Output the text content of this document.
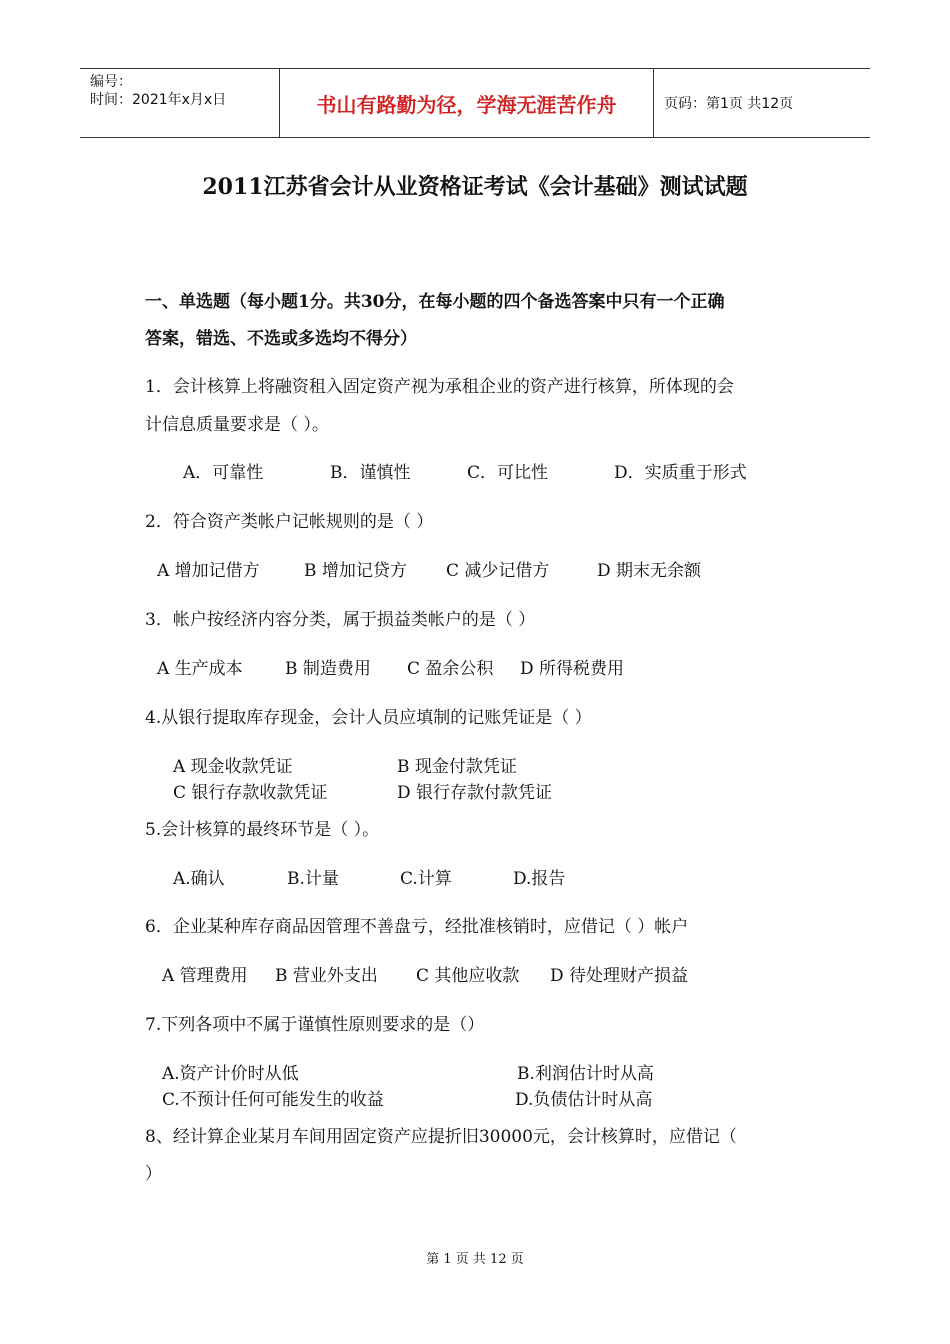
编号：
时间：2021年x月x日	书山有路勤为径，学海无涯苦作舟	页码：第1页 共12页
2011江苏省会计从业资格证考试《会计基础》测试试题
一、单选题（每小题1分。共30分，在每小题的四个备选答案中只有一个正确
答案，错选、不选或多选均不得分）
1．会计核算上将融资租入固定资产视为承租企业的资产进行核算，所体现的会
计信息质量要求是（ ）。
A．可靠性	B．谨慎性	C．可比性	D．实质重于形式
2．符合资产类帐户记帐规则的是（ ）
A 增加记借方	B 增加记贷方 C 减少记借方	D 期末无余额
3．帐户按经济内容分类，属于损益类帐户的是（ ）
A 生产成本 B 制造费用 C 盈余公积 D 所得税费用
4.从银行提取库存现金，会计人员应填制的记账凭证是（ ）
A 现金收款凭证	B 现金付款凭证
C 银行存款收款凭证	D 银行存款付款凭证
5.会计核算的最终环节是（ ）。
A.确认	B.计量	C.计算	D.报告
6．企业某种库存商品因管理不善盘亏，经批准核销时，应借记（ ）帐户
A 管理费用 B 营业外支出 C 其他应收款 D 待处理财产损益
7.下列各项中不属于谨慎性原则要求的是（）
A.资产计价时从低	B.利润估计时从高
C.不预计任何可能发生的收益	D.负债估计时从高
8、经计算企业某月车间用固定资产应提折旧30000元，会计核算时，应借记（
）
第 1 页 共 12 页
